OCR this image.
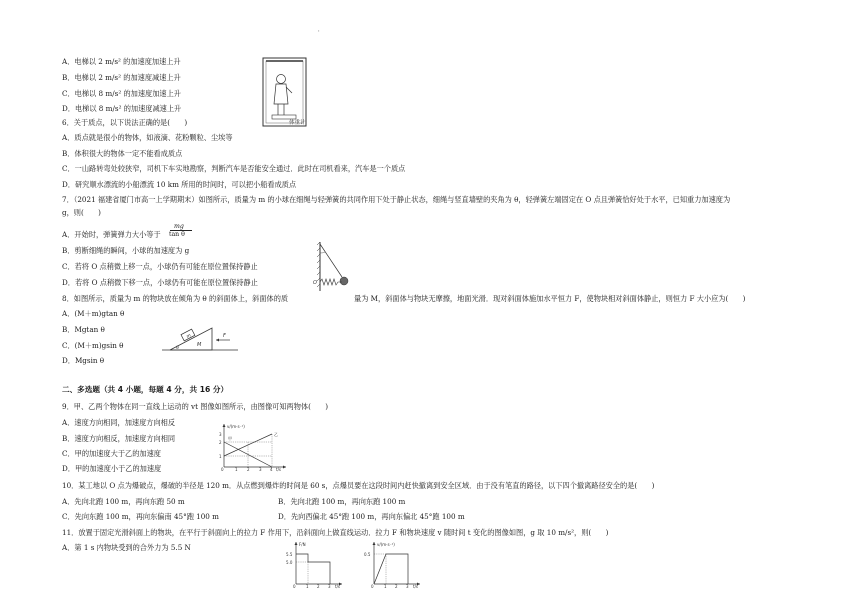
'
A．电梯以 2 m/s² 的加速度加速上升
B．电梯以 2 m/s² 的加速度减速上升
C．电梯以 8 m/s² 的加速度加速上升
D．电梯以 8 m/s² 的加速度减速上升
体重计
6．关于质点，以下说法正确的是(　　)
A．质点就是很小的物体，如液滴、花粉颗粒、尘埃等
B．体积很大的物体一定不能看成质点
C．一山路转弯处较狭窄，司机下车实地勘察，判断汽车是否能安全通过．此时在司机看来，汽车是一个质点
D．研究顺水漂流的小船漂流 10 km 所用的时间时，可以把小船看成质点
7．（2021 福建省厦门市高一上学期期末）如图所示，质量为 m 的小球在细绳与轻弹簧的共同作用下处于静止状态，细绳与竖直墙壁的夹角为 θ，轻弹簧左端固定在 O 点且弹簧恰好处于水平，已知重力加速度为
g，则(　　)
A．开始时，弹簧弹力大小等于
mg
tan θ
B．剪断细绳的瞬间，小球的加速度为 g
C．若将 O 点稍微上移一点，小球仍有可能在原位置保持静止
D．若将 O 点稍微下移一点，小球仍有可能在原位置保持静止	O
8．如图所示，质量为 m 的物块放在倾角为 θ 的斜面体上，斜面体的质	量为 M，斜面体与物块无摩擦，地面光滑．现对斜面体施加水平恒力 F，使物块相对斜面体静止，则恒力 F 大小应为(　　)
A．(M＋m)gtan θ
B．Mgtan θ
C．(M＋m)gsin θ
D．Mgsin θ
m
M
θ
F
二、多选题（共 4 小题，每题 4 分，共 16 分）
9．甲、乙两个物体在同一直线上运动的 vt 图像如图所示，由图像可知两物体(　　)
A．速度方向相同，加速度方向相反
B．速度方向相反，加速度方向相同
C．甲的加速度大于乙的加速度
D．甲的加速度小于乙的加速度
v/(m·s⁻¹)
t/s
3
2
1
0	1 2 3 4
甲
乙
10．某工地以 O 点为爆破点，爆破的半径是 120 m．从点燃到爆炸的时间是 60 s，点爆员要在这段时间内赶快撤离到安全区域．由于没有笔直的路径，以下四个撤离路径安全的是(　　)
A．先向北跑 100 m，再向东跑 50 m	B．先向北跑 100 m，再向东跑 100 m
C．先向东跑 100 m，再向东偏南 45°跑 100 m	D．先向西偏北 45°跑 100 m，再向东偏北 45°跑 100 m
11．放置于固定光滑斜面上的物块，在平行于斜面向上的拉力 F 作用下，沿斜面向上做直线运动．拉力 F 和物块速度 v 随时间 t 变化的图像如图，g 取 10 m/s²，则(　　)
A．第 1 s 内物块受到的合外力为 5.5 N	F/N
t/s
5.5
5.0
0	1 2 3
v/(m·s⁻¹)
t/s
0.5
0	1 2 3
